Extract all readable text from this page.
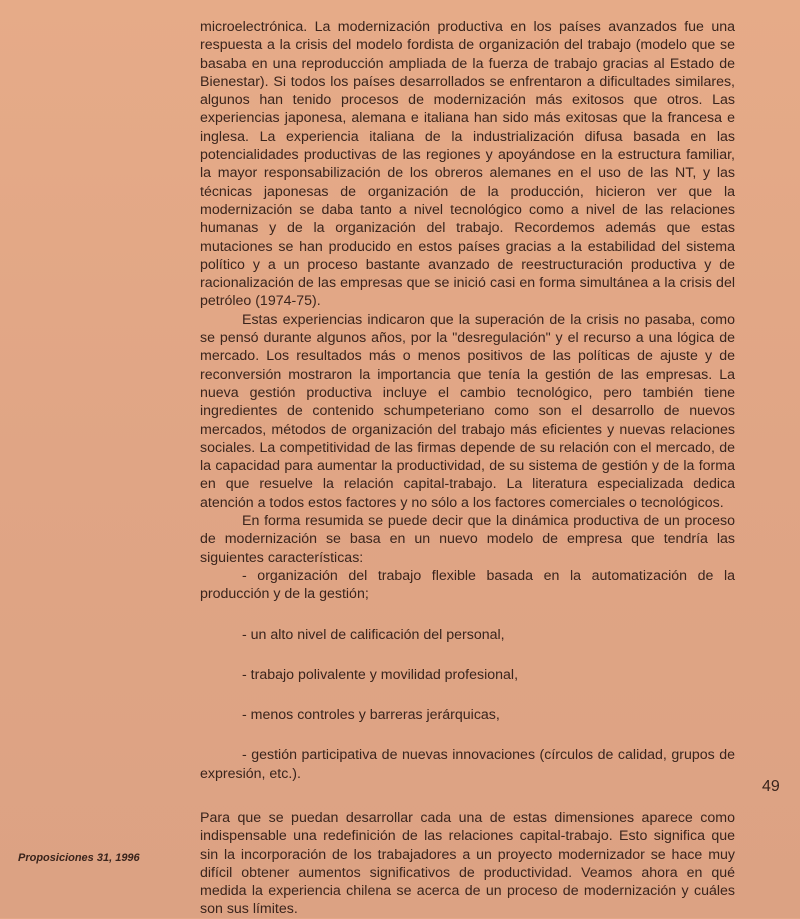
microelectrónica. La modernización productiva en los países avanzados fue una respuesta a la crisis del modelo fordista de organización del trabajo (modelo que se basaba en una reproducción ampliada de la fuerza de trabajo gracias al Estado de Bienestar). Si todos los países desarrollados se enfrentaron a dificultades similares, algunos han tenido procesos de modernización más exitosos que otros. Las experiencias japonesa, alemana e italiana han sido más exitosas que la francesa e inglesa. La experiencia italiana de la industrialización difusa basada en las potencialidades productivas de las regiones y apoyándose en la estructura familiar, la mayor responsabilización de los obreros alemanes en el uso de las NT, y las técnicas japonesas de organización de la producción, hicieron ver que la modernización se daba tanto a nivel tecnológico como a nivel de las relaciones humanas y de la organización del trabajo. Recordemos además que estas mutaciones se han producido en estos países gracias a la estabilidad del sistema político y a un proceso bastante avanzado de reestructuración productiva y de racionalización de las empresas que se inició casi en forma simultánea a la crisis del petróleo (1974-75).

Estas experiencias indicaron que la superación de la crisis no pasaba, como se pensó durante algunos años, por la "desregulación" y el recurso a una lógica de mercado. Los resultados más o menos positivos de las políticas de ajuste y de reconversión mostraron la importancia que tenía la gestión de las empresas. La nueva gestión productiva incluye el cambio tecnológico, pero también tiene ingredientes de contenido schumpeteriano como son el desarrollo de nuevos mercados, métodos de organización del trabajo más eficientes y nuevas relaciones sociales. La competitividad de las firmas depende de su relación con el mercado, de la capacidad para aumentar la productividad, de su sistema de gestión y de la forma en que resuelve la relación capital-trabajo. La literatura especializada dedica atención a todos estos factores y no sólo a los factores comerciales o tecnológicos.

En forma resumida se puede decir que la dinámica productiva de un proceso de modernización se basa en un nuevo modelo de empresa que tendría las siguientes características:

- organización del trabajo flexible basada en la automatización de la producción y de la gestión;

- un alto nivel de calificación del personal,

- trabajo polivalente y movilidad profesional,

- menos controles y barreras jerárquicas,

- gestión participativa de nuevas innovaciones (círculos de calidad, grupos de expresión, etc.).

Para que se puedan desarrollar cada una de estas dimensiones aparece como indispensable una redefinición de las relaciones capital-trabajo. Esto significa que sin la incorporación de los trabajadores a un proyecto modernizador se hace muy difícil obtener aumentos significativos de productividad. Veamos ahora en qué medida la experiencia chilena se acerca de un proceso de modernización y cuáles son sus límites.

49
Proposiciones 31, 1996
